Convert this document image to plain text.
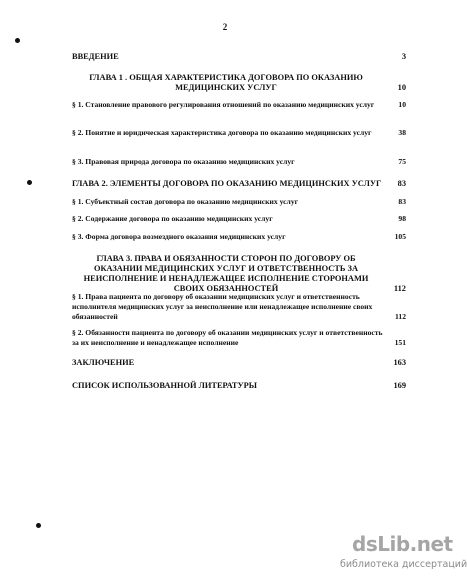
2
ВВЕДЕНИЕ	3
ГЛАВА 1 . ОБЩАЯ ХАРАКТЕРИСТИКА ДОГОВОРА ПО ОКАЗАНИЮ МЕДИЦИНСКИХ УСЛУГ	10
§ 1. Становление правового регулирования отношений по оказанию медицинских услуг	10
§ 2. Понятие и юридическая характеристика договора по оказанию медицинских услуг	38
§ 3. Правовая природа договора по оказанию медицинских услуг	75
ГЛАВА 2. ЭЛЕМЕНТЫ ДОГОВОРА ПО ОКАЗАНИЮ МЕДИЦИНСКИХ УСЛУГ	83
§ 1. Субъектный состав договора по оказанию медицинских услуг	83
§ 2. Содержание договора по оказанию медицинских услуг	98
§ 3. Форма договора возмездного оказания медицинских услуг	105
ГЛАВА 3. ПРАВА И ОБЯЗАННОСТИ СТОРОН ПО ДОГОВОРУ ОБ ОКАЗАНИИ МЕДИЦИНСКИХ УСЛУГ И ОТВЕТСТВЕННОСТЬ ЗА НЕИСПОЛНЕНИЕ И НЕНАДЛЕЖАЩЕЕ ИСПОЛНЕНИЕ СТОРОНАМИ СВОИХ ОБЯЗАННОСТЕЙ	112
§ 1. Права пациента по договору об оказании медицинских услуг и ответственность исполнителя медицинских услуг за неисполнение или ненадлежащее исполнение своих обязанностей	112
§ 2. Обязанности пациента по договору об оказании медицинских услуг и ответственность за их неисполнение и ненадлежащее исполнение	151
ЗАКЛЮЧЕНИЕ	163
СПИСОК ИСПОЛЬЗОВАННОЙ ЛИТЕРАТУРЫ	169
dsLib.net
библиотека диссертаций
